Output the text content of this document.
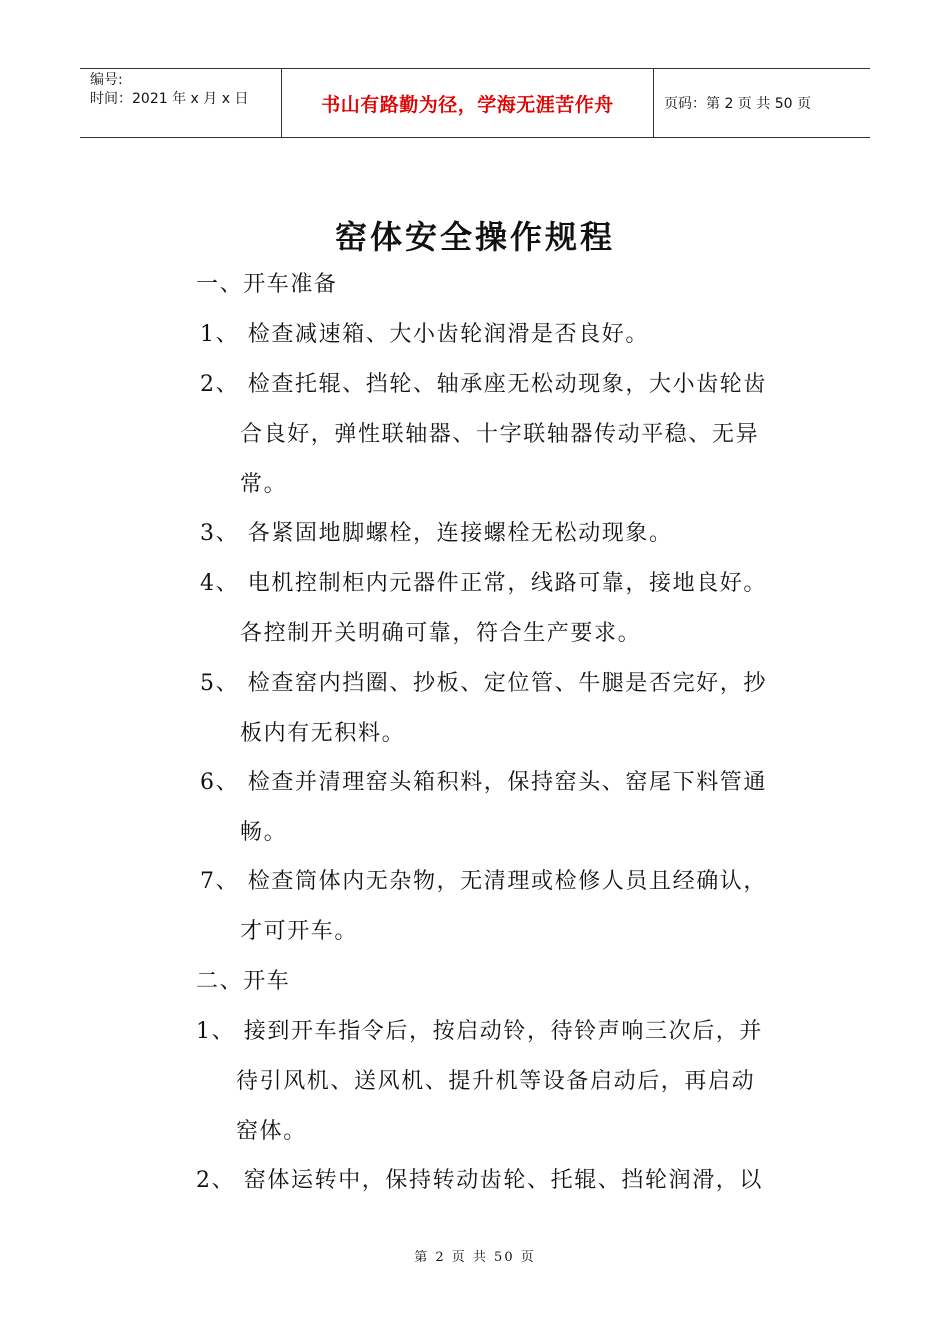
编号:
时间：2021 年 x 月 x 日	书山有路勤为径，学海无涯苦作舟	页码：第 2 页 共 50 页
窑体安全操作规程
一、开车准备
1、 检查减速箱、大小齿轮润滑是否良好。
2、 检查托辊、挡轮、轴承座无松动现象，大小齿轮齿
合良好，弹性联轴器、十字联轴器传动平稳、无异
常。
3、 各紧固地脚螺栓，连接螺栓无松动现象。
4、 电机控制柜内元器件正常，线路可靠，接地良好。
各控制开关明确可靠，符合生产要求。
5、 检查窑内挡圈、抄板、定位管、牛腿是否完好，抄
板内有无积料。
6、 检查并清理窑头箱积料，保持窑头、窑尾下料管通
畅。
7、 检查筒体内无杂物，无清理或检修人员且经确认，
才可开车。
二、开车
1、 接到开车指令后，按启动铃，待铃声响三次后，并
待引风机、送风机、提升机等设备启动后，再启动
窑体。
2、 窑体运转中，保持转动齿轮、托辊、挡轮润滑，以
第 2 页 共 50 页
